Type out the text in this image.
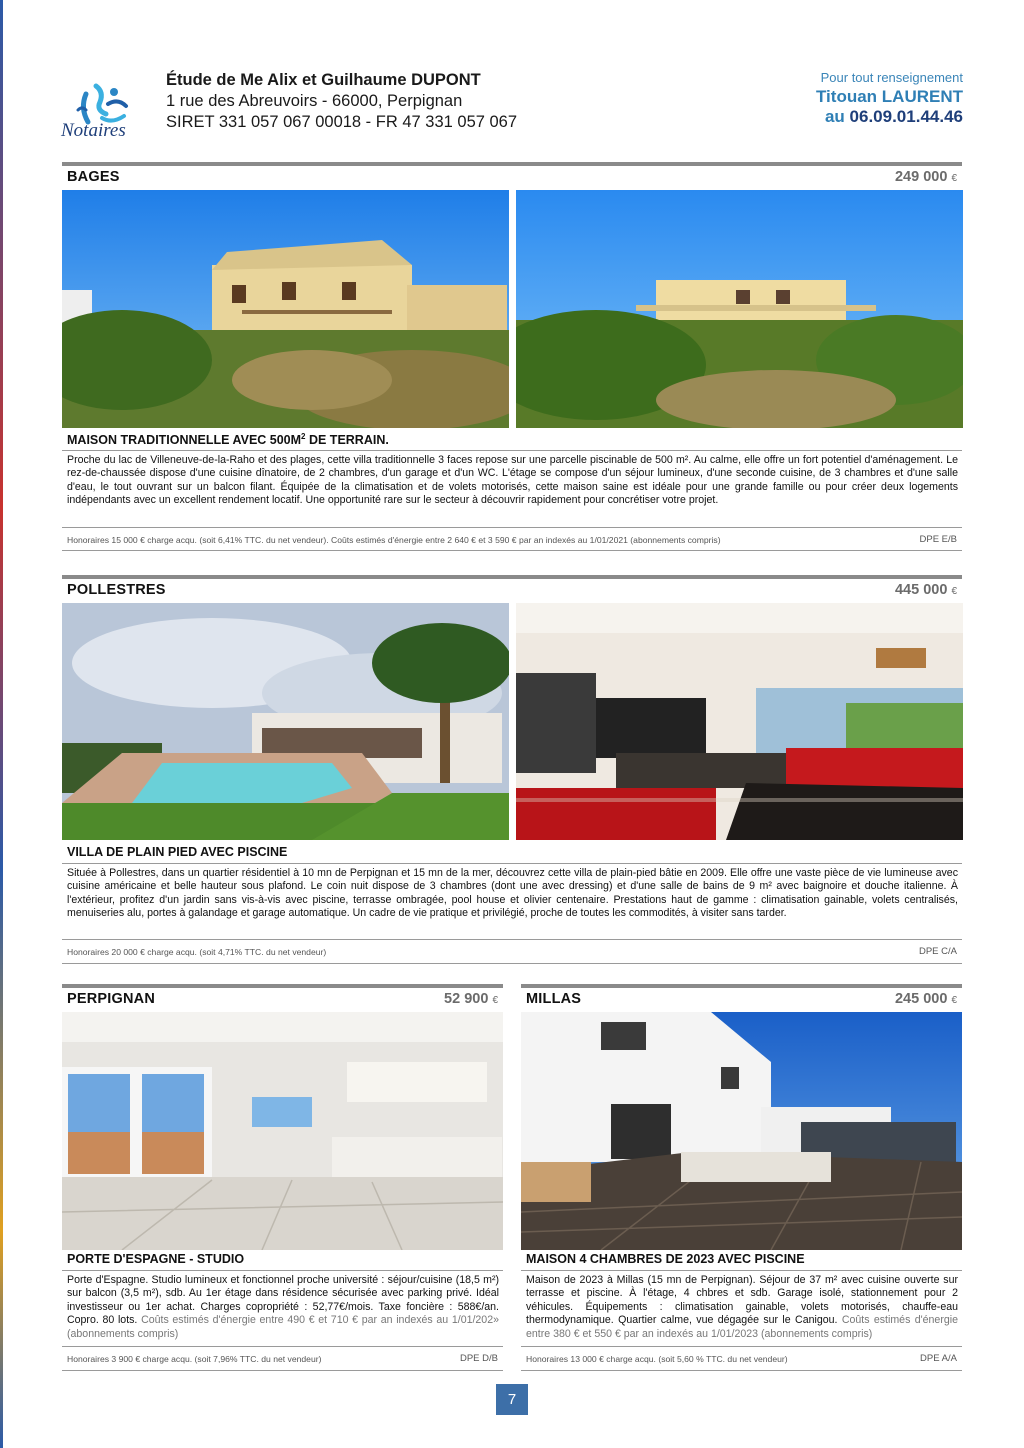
Notaires
Étude de Me Alix et Guilhaume DUPONT
1 rue des Abreuvoirs - 66000, Perpignan
SIRET 331 057 067 00018 - FR 47 331 057 067
Pour tout renseignement
Titouan LAURENT
au 06.09.01.44.46
BAGES	249 000 €
MAISON TRADITIONNELLE AVEC $500M^2$ DE TERRAIN.
Proche du lac de Villeneuve-de-la-Raho et des plages, cette villa traditionnelle 3 faces repose sur une parcelle piscinable de 500 m². Au calme, elle offre un fort potentiel d'aménagement. Le rez-de-chaussée dispose d'une cuisine dînatoire, de 2 chambres, d'un garage et d'un WC. L'étage se compose d'un séjour lumineux, d'une seconde cuisine, de 3 chambres et d'une salle d'eau, le tout ouvrant sur un balcon filant. Équipée de la climatisation et de volets motorisés, cette maison saine est idéale pour une grande famille ou pour créer deux logements indépendants avec un excellent rendement locatif. Une opportunité rare sur le secteur à découvrir rapidement pour concrétiser votre projet.
Honoraires 15 000 € charge acqu. (soit 6,41% TTC. du net vendeur). Coûts estimés d'énergie entre 2 640 € et 3 590 € par an indexés au 1/01/2021 (abonnements compris)	DPE E/B
POLLESTRES	445 000 €
VILLA DE PLAIN PIED AVEC PISCINE
Située à Pollestres, dans un quartier résidentiel à 10 mn de Perpignan et 15 mn de la mer, découvrez cette villa de plain-pied bâtie en 2009. Elle offre une vaste pièce de vie lumineuse avec cuisine américaine et belle hauteur sous plafond. Le coin nuit dispose de 3 chambres (dont une avec dressing) et d'une salle de bains de 9 m² avec baignoire et douche italienne. À l'extérieur, profitez d'un jardin sans vis-à-vis avec piscine, terrasse ombragée, pool house et olivier centenaire. Prestations haut de gamme : climatisation gainable, volets centralisés, menuiseries alu, portes à galandage et garage automatique. Un cadre de vie pratique et privilégié, proche de toutes les commodités, à visiter sans tarder.
Honoraires 20 000 € charge acqu. (soit 4,71% TTC. du net vendeur)	DPE C/A
PERPIGNAN	52 900 €
PORTE D'ESPAGNE - STUDIO
Porte d'Espagne. Studio lumineux et fonctionnel proche université : séjour/cuisine (18,5 m²) sur balcon (3,5 m²), sdb. Au 1er étage dans résidence sécurisée avec parking privé. Idéal investisseur ou 1er achat. Charges copropriété : 52,77€/mois. Taxe foncière : 588€/an. Copro. 80 lots. Coûts estimés d'énergie entre 490 € et 710 € par an indexés au 1/01/202» (abonnements compris)
Honoraires 3 900 € charge acqu. (soit 7,96% TTC. du net vendeur)	DPE D/B
MILLAS	245 000 €
MAISON 4 CHAMBRES DE 2023 AVEC PISCINE
Maison de 2023 à Millas (15 mn de Perpignan). Séjour de 37 m² avec cuisine ouverte sur terrasse et piscine. À l'étage, 4 chbres et sdb. Garage isolé, stationnement pour 2 véhicules. Équipements : climatisation gainable, volets motorisés, chauffe-eau thermodynamique. Quartier calme, vue dégagée sur le Canigou. Coûts estimés d'énergie entre 380 € et 550 € par an indexés au 1/01/2023 (abonnements compris)
Honoraires 13 000 € charge acqu. (soit 5,60 % TTC. du net vendeur)	DPE A/A
7
